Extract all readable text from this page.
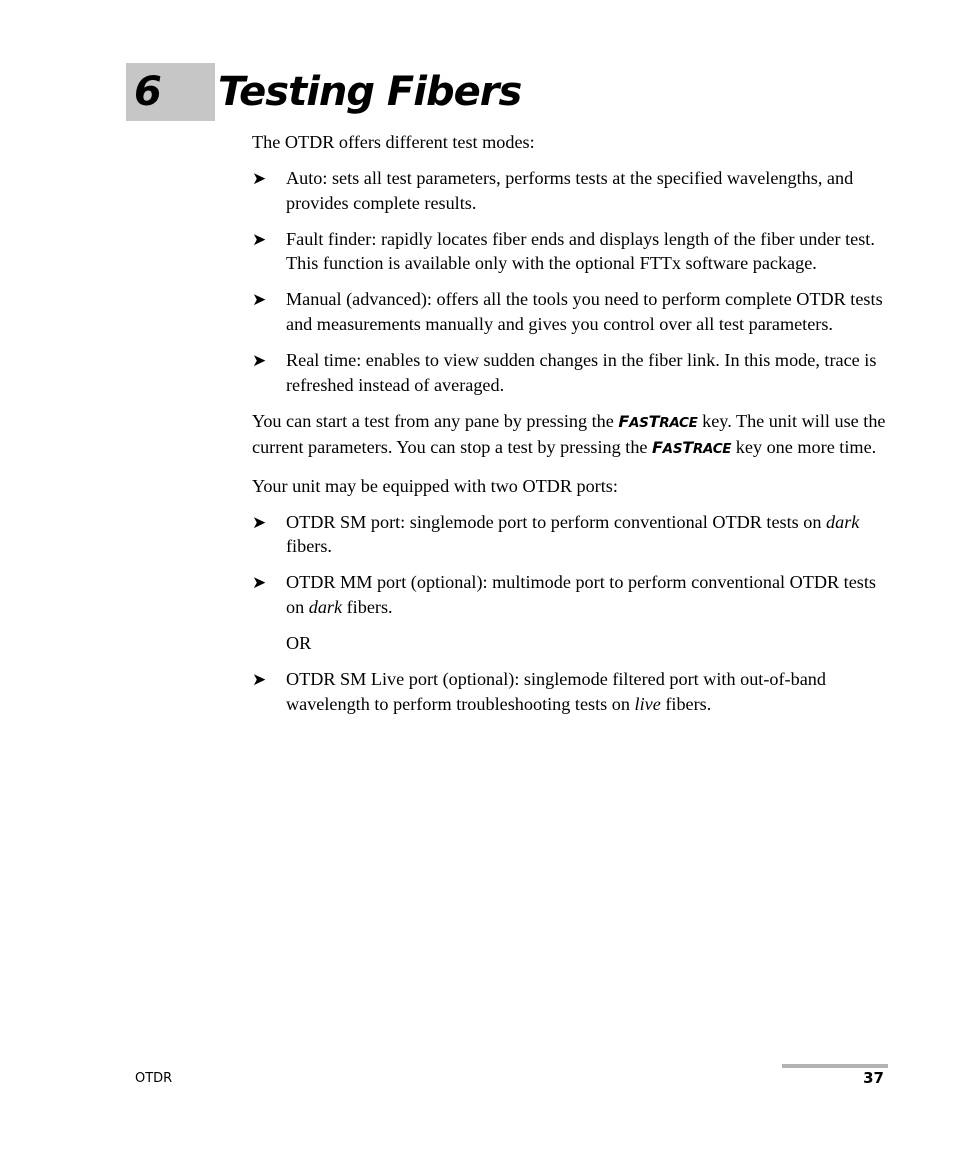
6 Testing Fibers

The OTDR offers different test modes:

➤ Auto: sets all test parameters, performs tests at the specified wavelengths, and provides complete results.
➤ Fault finder: rapidly locates fiber ends and displays length of the fiber under test. This function is available only with the optional FTTx software package.
➤ Manual (advanced): offers all the tools you need to perform complete OTDR tests and measurements manually and gives you control over all test parameters.
➤ Real time: enables to view sudden changes in the fiber link. In this mode, trace is refreshed instead of averaged.

You can start a test from any pane by pressing the FASTRACE key. The unit will use the current parameters. You can stop a test by pressing the FASTRACE key one more time.

Your unit may be equipped with two OTDR ports:

➤ OTDR SM port: singlemode port to perform conventional OTDR tests on dark fibers.
➤ OTDR MM port (optional): multimode port to perform conventional OTDR tests on dark fibers.
OR
➤ OTDR SM Live port (optional): singlemode filtered port with out-of-band wavelength to perform troubleshooting tests on live fibers.
OTDR	37
